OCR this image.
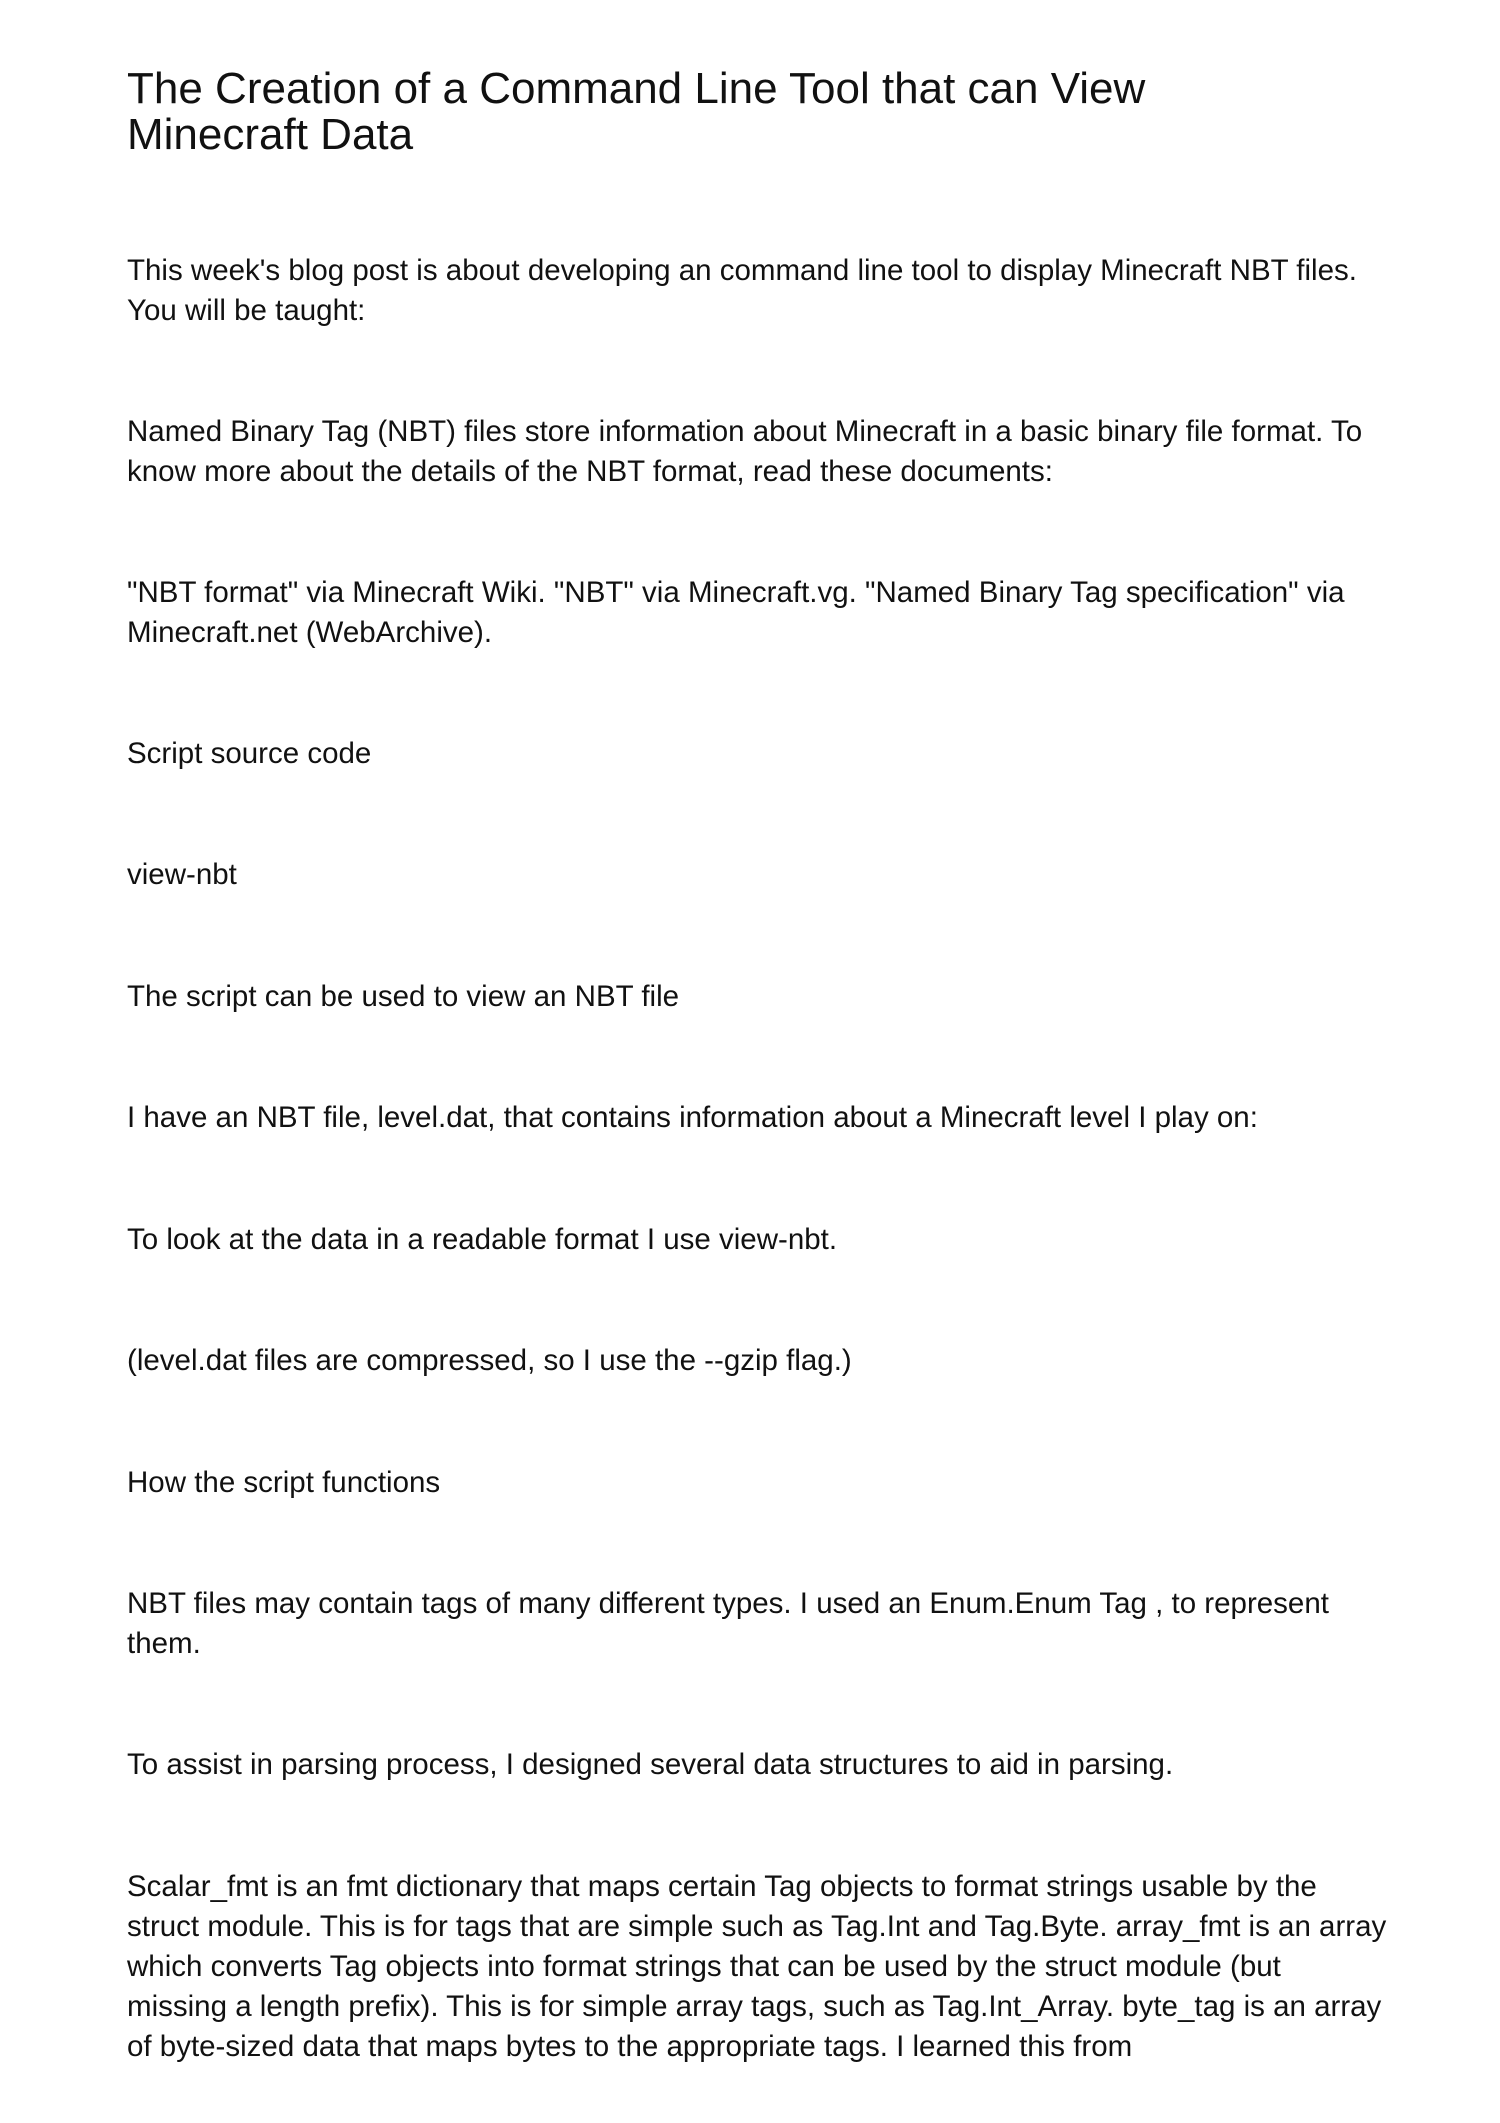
The Creation of a Command Line Tool that can View Minecraft Data

This week's blog post is about developing an command line tool to display Minecraft NBT files. You will be taught:

Named Binary Tag (NBT) files store information about Minecraft in a basic binary file format. To know more about the details of the NBT format, read these documents:

"NBT format" via Minecraft Wiki. "NBT" via Minecraft.vg. "Named Binary Tag specification" via Minecraft.net (WebArchive).

Script source code

view-nbt

The script can be used to view an NBT file

I have an NBT file, level.dat, that contains information about a Minecraft level I play on:

To look at the data in a readable format I use view-nbt.

(level.dat files are compressed, so I use the --gzip flag.)

How the script functions

NBT files may contain tags of many different types. I used an Enum.Enum Tag , to represent them.

To assist in parsing process, I designed several data structures to aid in parsing.

Scalar_fmt is an fmt dictionary that maps certain Tag objects to format strings usable by the struct module. This is for tags that are simple such as Tag.Int and Tag.Byte. array_fmt is an array which converts Tag objects into format strings that can be used by the struct module (but missing a length prefix). This is for simple array tags, such as Tag.Int_Array. byte_tag is an array of byte-sized data that maps bytes to the appropriate tags. I learned this from
